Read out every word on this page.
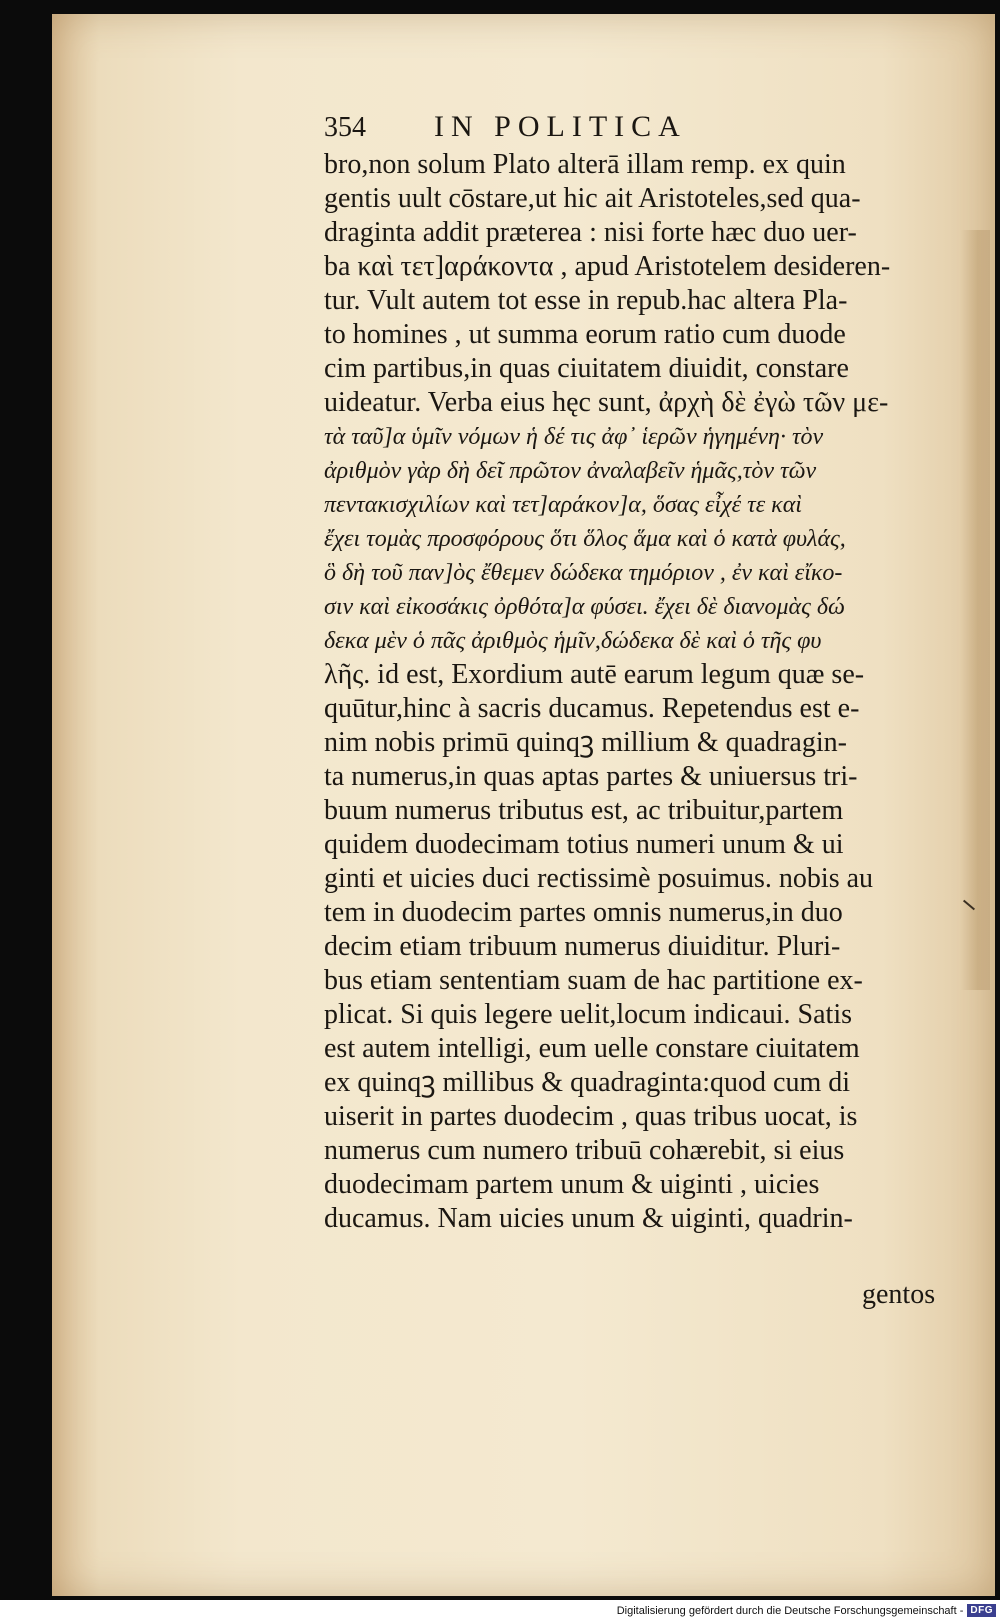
354	IN POLITICA
bro,non solum Plato alterā illam remp. ex quin
gentis uult cōstare,ut hic ait Aristoteles,sed qua-
draginta addit præterea : nisi forte hæc duo uer-
ba καὶ τετ]αράκοντα , apud Aristotelem desideren-
tur. Vult autem tot esse in repub.hac altera Pla-
to homines , ut summa eorum ratio cum duode
cim partibus,in quas ciuitatem diuidit, constare
uideatur. Verba eius hęc sunt, ἀρχὴ δὲ ἐγὼ τῶν με-
τὰ ταῦ]α ὑμῖν νόμων ἡ δέ τις ἀφ᾽ ἱερῶν ἡγημένη· τὸν
ἀριθμὸν γὰρ δὴ δεῖ πρῶτον ἀναλαβεῖν ἡμᾶς,τὸν τῶν
πεντακισχιλίων καὶ τετ]αράκον]α, ὅσας εἶχέ τε καὶ
ἔχει τομὰς προσφόρους ὅτι ὅλος ἅμα καὶ ὁ κατὰ φυλάς,
ὃ δὴ τοῦ παν]ὸς ἔθεμεν δώδεκα τημόριον , ἐν καὶ εἴκο-
σιν καὶ εἰκοσάκις ὀρθότα]α φύσει. ἔχει δὲ διανομὰς δώ
δεκα μὲν ὁ πᾶς ἀριθμὸς ἡμῖν,δώδεκα δὲ καὶ ὁ τῆς φυ
λῆς. id est, Exordium autē earum legum quæ se-
quūtur,hinc à sacris ducamus. Repetendus est e-
nim nobis primū quinqꝫ millium & quadragin-
ta numerus,in quas aptas partes & uniuersus tri-
buum numerus tributus est, ac tribuitur,partem
quidem duodecimam totius numeri unum & ui
ginti et uicies duci rectissimè posuimus. nobis au
tem in duodecim partes omnis numerus,in duo
decim etiam tribuum numerus diuiditur. Pluri-
bus etiam sententiam suam de hac partitione ex-
plicat. Si quis legere uelit,locum indicaui. Satis
est autem intelligi, eum uelle constare ciuitatem
ex quinqꝫ millibus & quadraginta:quod cum di
uiserit in partes duodecim , quas tribus uocat, is
numerus cum numero tribuū cohærebit, si eius
duodecimam partem unum & uiginti , uicies
ducamus. Nam uicies unum & uiginti, quadrin-
gentos
Digitalisierung gefördert durch die Deutsche Forschungsgemeinschaft - DFG
